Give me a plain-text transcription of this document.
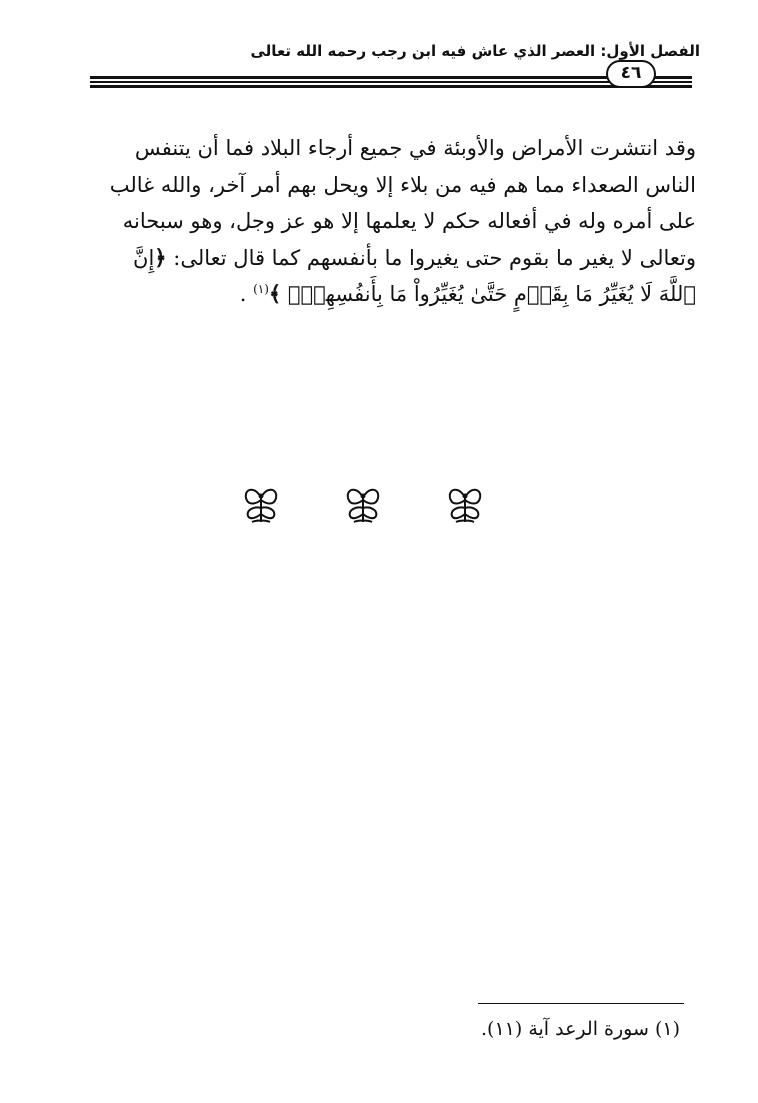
الفصل الأول: العصر الذي عاش فيه ابن رجب رحمه الله تعالى
٤٦
وقد انتشرت الأمراض والأوبئة في جميع أرجاء البلاد فما أن يتنفس
الناس الصعداء مما هم فيه من بلاء إلا ويحل بهم أمر آخر، والله غالب
على أمره وله في أفعاله حكم لا يعلمها إلا هو عز وجل، وهو سبحانه
وتعالى لا يغير ما بقوم حتى يغيروا ما بأنفسهم كما قال تعالى: ﴿إِنَّ
ٱللَّهَ لَا يُغَيِّرُ مَا بِقَوۡمٍ حَتَّىٰ يُغَيِّرُواْ مَا بِأَنفُسِهِمۡۗ ﴾$^{(١)}$ .
(١) سورة الرعد آية (١١).
